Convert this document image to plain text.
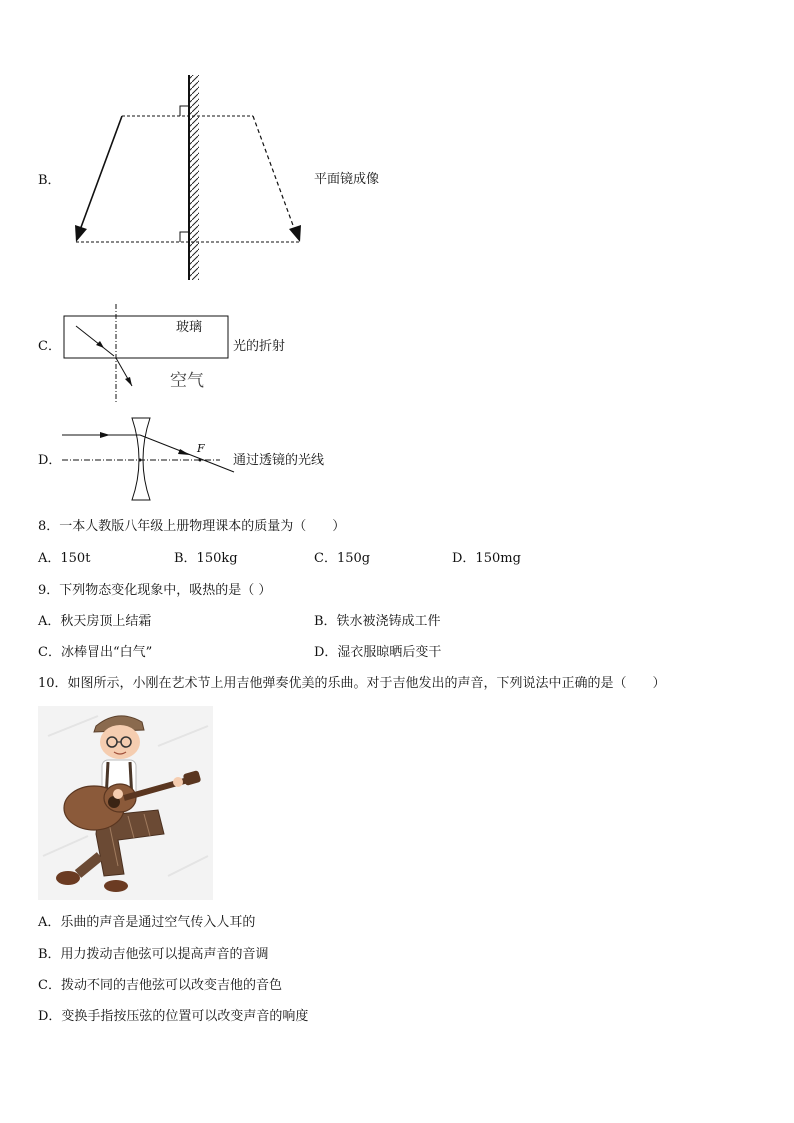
B．	平面镜成像
C．
玻璃
空气
光的折射
D．
F
通过透镜的光线
8．一本人教版八年级上册物理课本的质量为（　　）
A．150t	B．150kg	C．150g	D．150mg
9．下列物态变化现象中，吸热的是（ ）
A．秋天房顶上结霜	B．铁水被浇铸成工件
C．冰棒冒出“白气”	D．湿衣服晾晒后变干
10．如图所示，小刚在艺术节上用吉他弹奏优美的乐曲。对于吉他发出的声音，下列说法中正确的是（　　）
A．乐曲的声音是通过空气传入人耳的
B．用力拨动吉他弦可以提高声音的音调
C．拨动不同的吉他弦可以改变吉他的音色
D．变换手指按压弦的位置可以改变声音的响度
